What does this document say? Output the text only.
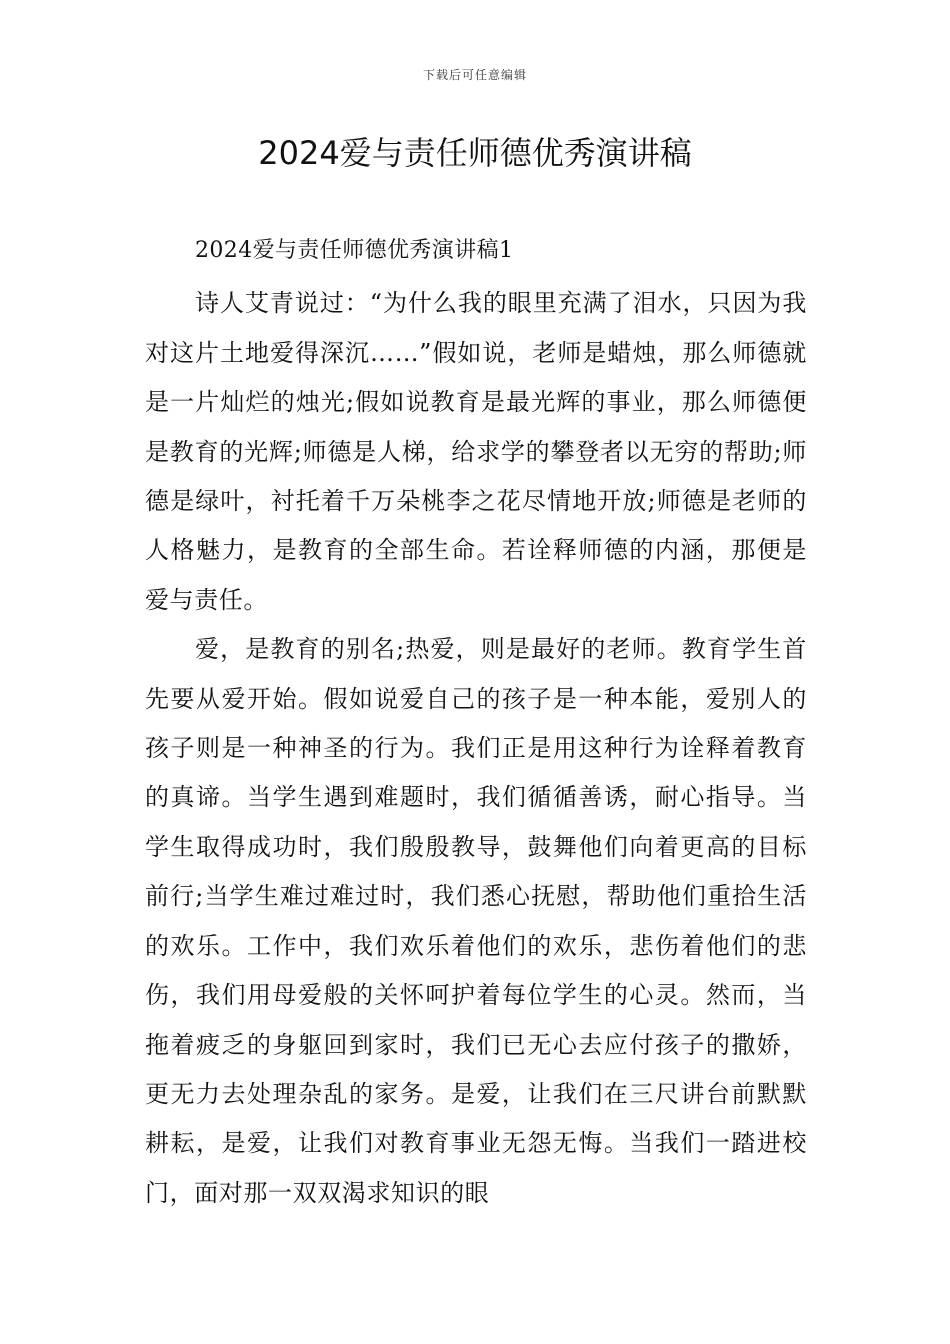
下载后可任意编辑
2024爱与责任师德优秀演讲稿

2024爱与责任师德优秀演讲稿1

诗人艾青说过：“为什么我的眼里充满了泪水，只因为我对这片土地爱得深沉……”假如说，老师是蜡烛，那么师德就是一片灿烂的烛光;假如说教育是最光辉的事业，那么师德便是教育的光辉;师德是人梯，给求学的攀登者以无穷的帮助;师德是绿叶，衬托着千万朵桃李之花尽情地开放;师德是老师的人格魅力，是教育的全部生命。若诠释师德的内涵，那便是爱与责任。

爱，是教育的别名;热爱，则是最好的老师。教育学生首先要从爱开始。假如说爱自己的孩子是一种本能，爱别人的孩子则是一种神圣的行为。我们正是用这种行为诠释着教育的真谛。当学生遇到难题时，我们循循善诱，耐心指导。当学生取得成功时，我们殷殷教导，鼓舞他们向着更高的目标前行;当学生难过难过时，我们悉心抚慰，帮助他们重拾生活的欢乐。工作中，我们欢乐着他们的欢乐，悲伤着他们的悲伤，我们用母爱般的关怀呵护着每位学生的心灵。然而，当拖着疲乏的身躯回到家时，我们已无心去应付孩子的撒娇，更无力去处理杂乱的家务。是爱，让我们在三尺讲台前默默耕耘，是爱，让我们对教育事业无怨无悔。当我们一踏进校门，面对那一双双渴求知识的眼
